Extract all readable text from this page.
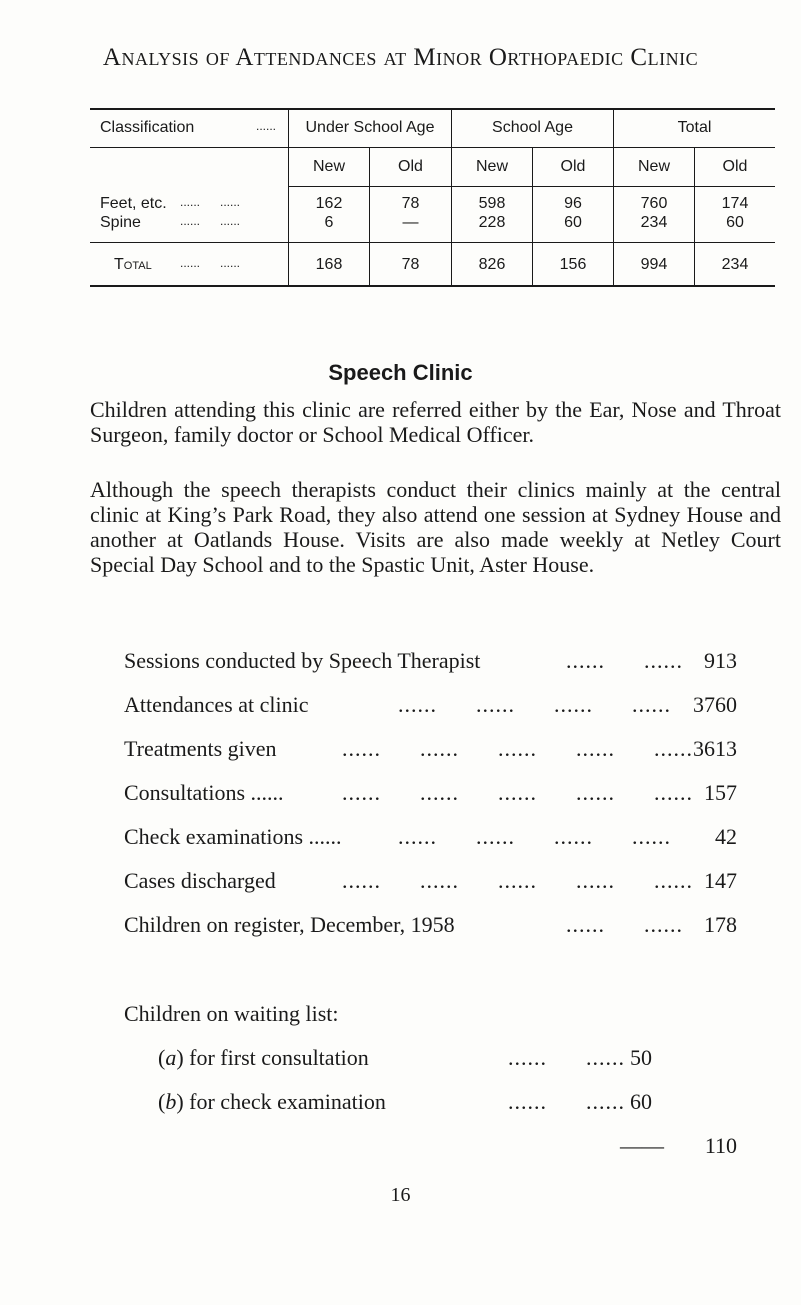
Analysis of Attendances at Minor Orthopaedic Clinic
Classification	......	Under School Age	School Age	Total
New	Old	New	Old	New	Old
Feet, etc. ......      ......	162	78	598	96	760	174
Spine	......      ......	6	—	228	60	234	60
Total ......      ......	168	78	826	156	994	234
Speech Clinic
Children attending this clinic are referred either by the Ear, Nose and Throat Surgeon, family doctor or School Medical Officer.
Although the speech therapists conduct their clinics mainly at the central clinic at King’s Park Road, they also attend one session at Sydney House and another at Oatlands House. Visits are also made weekly at Netley Court Special Day School and to the Spastic Unit, Aster House.
Sessions conducted by Speech Therapist	......      ...... 913
Attendances at clinic	......      ......      ......      ...... 3760
Treatments given	......      ......      ......      ......      ...... 3613
Consultations ......	......      ......      ......      ......      ...... 157
Check examinations ......	......      ......      ......      ...... 42
Cases discharged	......      ......      ......      ......      ...... 147
Children on register, December, 1958	......      ...... 178
Children on waiting list:
(a) for first consultation	......      ...... 50
(b) for check examination	......      ...... 60
—— 110
16
